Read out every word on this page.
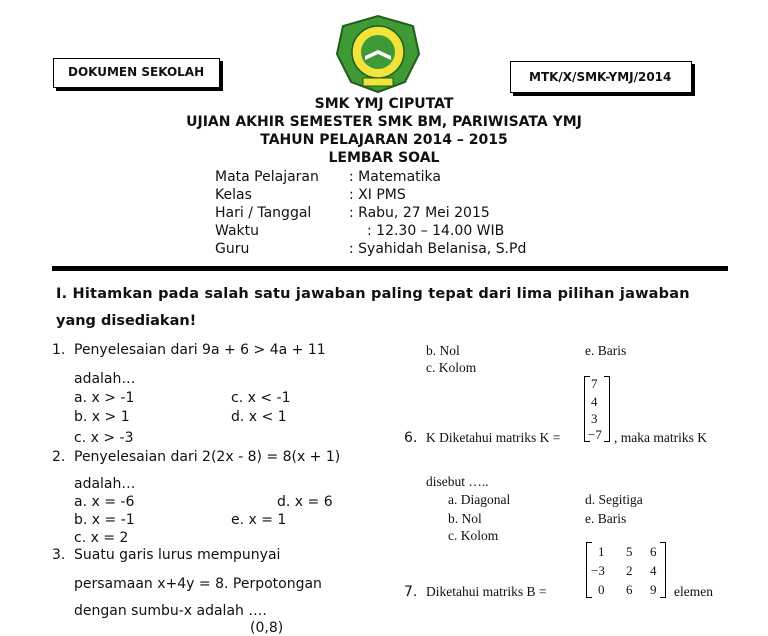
DOKUMEN SEKOLAH	MTK/X/SMK-YMJ/2014
SMK YMJ CIPUTAT
UJIAN AKHIR SEMESTER SMK BM, PARIWISATA YMJ
TAHUN PELAJARAN 2014 – 2015
LEMBAR SOAL
Mata Pelajaran : Matematika
Kelas	: XI PMS
Hari / Tanggal	: Rabu, 27 Mei 2015
Waktu	: 12.30 – 14.00 WIB
Guru	: Syahidah Belanisa, S.Pd
I. Hitamkan pada salah satu jawaban paling tepat dari lima pilihan jawaban
yang disediakan!
1. Penyelesaian dari 9a + 6 > 4a + 11
adalah…
a. x > -1	c. x < -1
b. x > 1	d. x < 1
c. x > -3
2. Penyelesaian dari 2(2x - 8) = 8(x + 1)
adalah…
a. x = -6	d. x = 6
b. x = -1	e. x = 1
c. x = 2
3. Suatu garis lurus mempunyai
persamaan x+4y = 8. Perpotongan
dengan sumbu-x adalah ….
(0,8)
b. Nol	e. Baris
c. Kolom
6. K Diketahui matriks K =
7
4
3
−7 , maka matriks K
disebut …..
a. Diagonal	d. Segitiga
b. Nol	e. Baris
c. Kolom
7. Diketahui matriks B =
1 5 6
−3 2 4
0 6 9 elemen
